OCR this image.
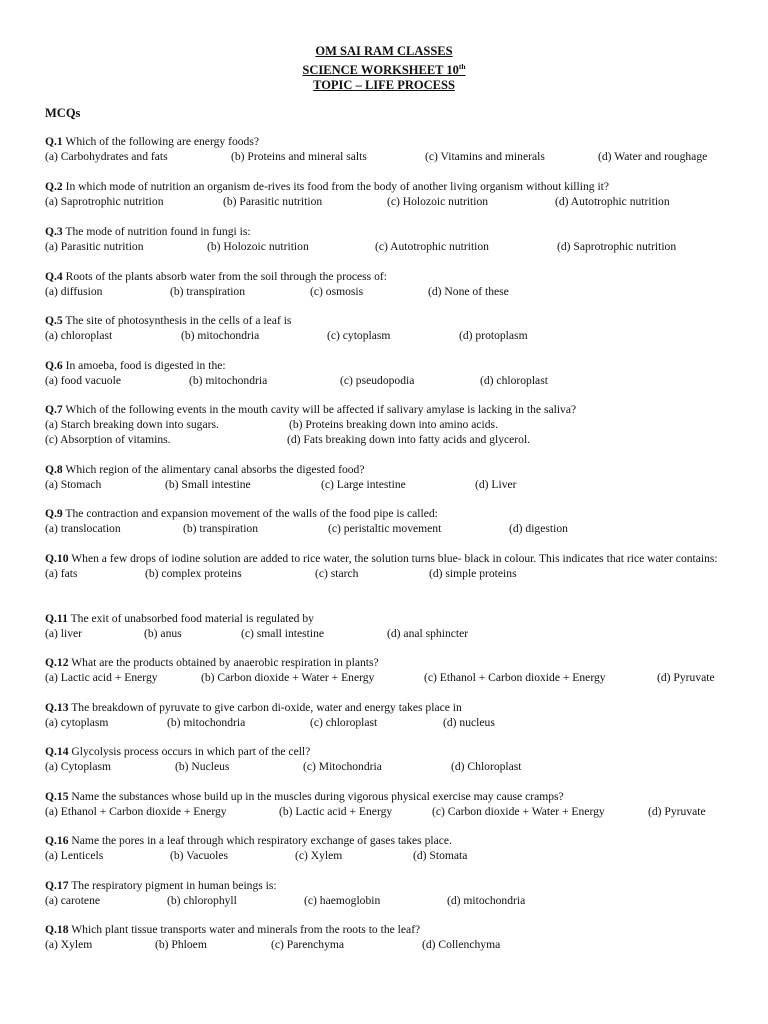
OM SAI RAM CLASSES
SCIENCE WORKSHEET 10th
TOPIC – LIFE PROCESS
MCQs
Q.1 Which of the following are energy foods?
(a) Carbohydrates and fats	(b) Proteins and mineral salts	(c) Vitamins and minerals	(d) Water and roughage
Q.2 In which mode of nutrition an organism de-rives its food from the body of another living organism without killing it?
(a) Saprotrophic nutrition	(b) Parasitic nutrition	(c) Holozoic nutrition	(d) Autotrophic nutrition
Q.3 The mode of nutrition found in fungi is:
(a) Parasitic nutrition	(b) Holozoic nutrition	(c) Autotrophic nutrition	(d) Saprotrophic nutrition
Q.4 Roots of the plants absorb water from the soil through the process of:
(a) diffusion	(b) transpiration	(c) osmosis	(d) None of these
Q.5 The site of photosynthesis in the cells of a leaf is
(a) chloroplast	(b) mitochondria	(c) cytoplasm	(d) protoplasm
Q.6 In amoeba, food is digested in the:
(a) food vacuole	(b) mitochondria	(c) pseudopodia	(d) chloroplast
Q.7 Which of the following events in the mouth cavity will be affected if salivary amylase is lacking in the saliva?
(a) Starch breaking down into sugars.	(b) Proteins breaking down into amino acids.
(c) Absorption of vitamins.	(d) Fats breaking down into fatty acids and glycerol.
Q.8 Which region of the alimentary canal absorbs the digested food?
(a) Stomach	(b) Small intestine	(c) Large intestine	(d) Liver
Q.9 The contraction and expansion movement of the walls of the food pipe is called:
(a) translocation	(b) transpiration	(c) peristaltic movement	(d) digestion
Q.10 When a few drops of iodine solution are added to rice water, the solution turns blue- black in colour. This indicates that rice water contains:
(a) fats	(b) complex proteins	(c) starch	(d) simple proteins
Q.11 The exit of unabsorbed food material is regulated by
(a) liver	(b) anus	(c) small intestine	(d) anal sphincter
Q.12 What are the products obtained by anaerobic respiration in plants?
(a) Lactic acid + Energy	(b) Carbon dioxide + Water + Energy	(c) Ethanol + Carbon dioxide + Energy	(d) Pyruvate
Q.13 The breakdown of pyruvate to give carbon di-oxide, water and energy takes place in
(a) cytoplasm	(b) mitochondria	(c) chloroplast	(d) nucleus
Q.14 Glycolysis process occurs in which part of the cell?
(a) Cytoplasm	(b) Nucleus	(c) Mitochondria	(d) Chloroplast
Q.15 Name the substances whose build up in the muscles during vigorous physical exercise may cause cramps?
(a) Ethanol + Carbon dioxide + Energy	(b) Lactic acid + Energy	(c) Carbon dioxide + Water + Energy	(d) Pyruvate
Q.16 Name the pores in a leaf through which respiratory exchange of gases takes place.
(a) Lenticels	(b) Vacuoles	(c) Xylem	(d) Stomata
Q.17 The respiratory pigment in human beings is:
(a) carotene	(b) chlorophyll	(c) haemoglobin	(d) mitochondria
Q.18 Which plant tissue transports water and minerals from the roots to the leaf?
(a) Xylem	(b) Phloem	(c) Parenchyma	(d) Collenchyma
